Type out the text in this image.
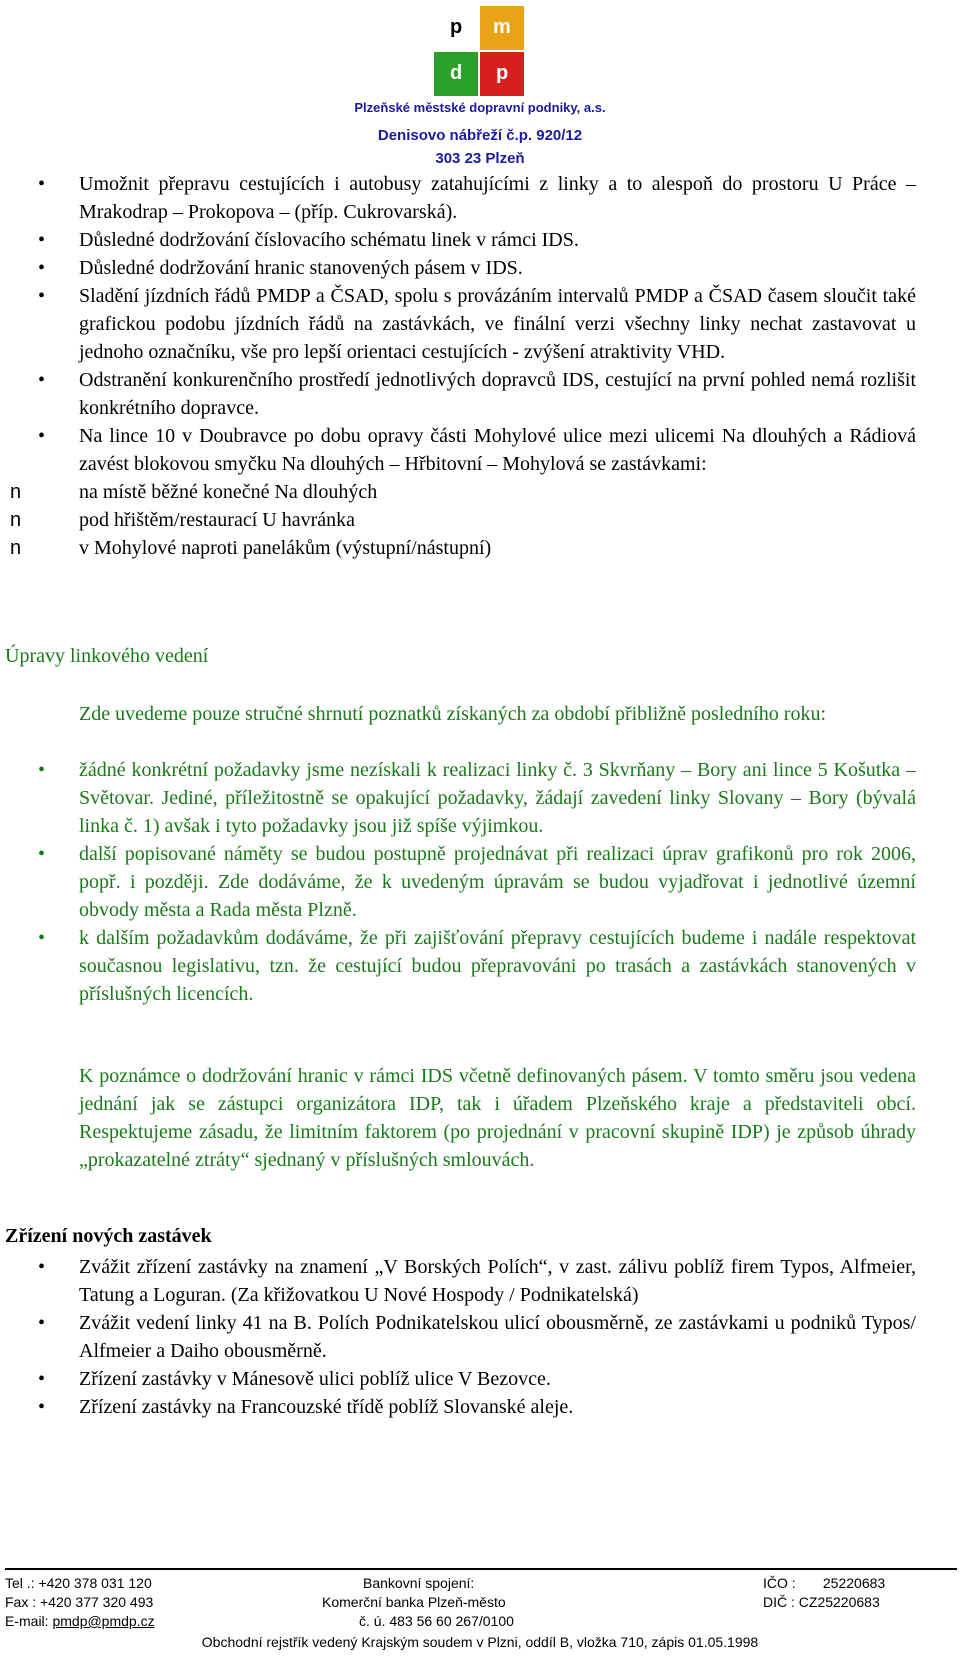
p m
d p
Plzeňské městské dopravní podniky, a.s.
Denisovo nábřeží č.p. 920/12
303 23 Plzeň
• Umožnit přepravu cestujících i autobusy zatahujícími z linky a to alespoň do prostoru U Práce – Mrakodrap – Prokopova – (příp. Cukrovarská).
• Důsledné dodržování číslovacího schématu linek v rámci IDS.
• Důsledné dodržování hranic stanovených pásem v IDS.
• Sladění jízdních řádů PMDP a ČSAD, spolu s provázáním intervalů PMDP a ČSAD časem sloučit také grafickou podobu jízdních řádů na zastávkách, ve finální verzi všechny linky nechat zastavovat u jednoho označníku, vše pro lepší orientaci cestujících - zvýšení atraktivity VHD.
• Odstranění konkurenčního prostředí jednotlivých dopravců IDS, cestující na první pohled nemá rozlišit konkrétního dopravce.
• Na lince 10 v Doubravce po dobu opravy části Mohylové ulice mezi ulicemi Na dlouhých a Rádiová zavést blokovou smyčku Na dlouhých – Hřbitovní – Mohylová se zastávkami:
n	na místě běžné konečné Na dlouhých
n	pod hřištěm/restaurací U havránka
n	v Mohylové naproti panelákům (výstupní/nástupní)
Úpravy linkového vedení
Zde uvedeme pouze stručné shrnutí poznatků získaných za období přibližně posledního roku:
• žádné konkrétní požadavky jsme nezískali k realizaci linky č. 3 Skvrňany – Bory ani lince 5 Košutka – Světovar. Jediné, příležitostně se opakující požadavky, žádají zavedení linky Slovany – Bory (bývalá linka č. 1) avšak i tyto požadavky jsou již spíše výjimkou.
• další popisované náměty se budou postupně projednávat při realizaci úprav grafikonů pro rok 2006, popř. i později. Zde dodáváme, že k uvedeným úpravám se budou vyjadřovat i jednotlivé územní obvody města a Rada města Plzně.
• k dalším požadavkům dodáváme, že při zajišťování přepravy cestujících budeme i nadále respektovat současnou legislativu, tzn. že cestující budou přepravováni po trasách a zastávkách stanovených v příslušných licencích.
K poznámce o dodržování hranic v rámci IDS včetně definovaných pásem. V tomto směru jsou vedena jednání jak se zástupci organizátora IDP, tak i úřadem Plzeňského kraje a představiteli obcí. Respektujeme zásadu, že limitním faktorem (po projednání v pracovní skupině IDP) je způsob úhrady „prokazatelné ztráty“ sjednaný v příslušných smlouvách.
Zřízení nových zastávek
• Zvážit zřízení zastávky na znamení „V Borských Polích“, v zast. zálivu poblíž firem Typos, Alfmeier, Tatung a Loguran. (Za křižovatkou U Nové Hospody / Podnikatelská)
• Zvážit vedení linky 41 na B. Polích Podnikatelskou ulicí obousměrně, ze zastávkami u podniků Typos/ Alfmeier a Daiho obousměrně.
• Zřízení zastávky v Mánesově ulici poblíž ulice V Bezovce.
• Zřízení zastávky na Francouzské třídě poblíž Slovanské aleje.
Tel .: +420 378 031 120
Fax : +420 377 320 493
E-mail: pmdp@pmdp.cz
Bankovní spojení:
Komerční banka Plzeň-město
č. ú. 483 56 60 267/0100
IČO :       25220683
DIČ : CZ25220683
Obchodní rejstřík vedený Krajským soudem v Plzni, oddíl B, vložka 710, zápis 01.05.1998
